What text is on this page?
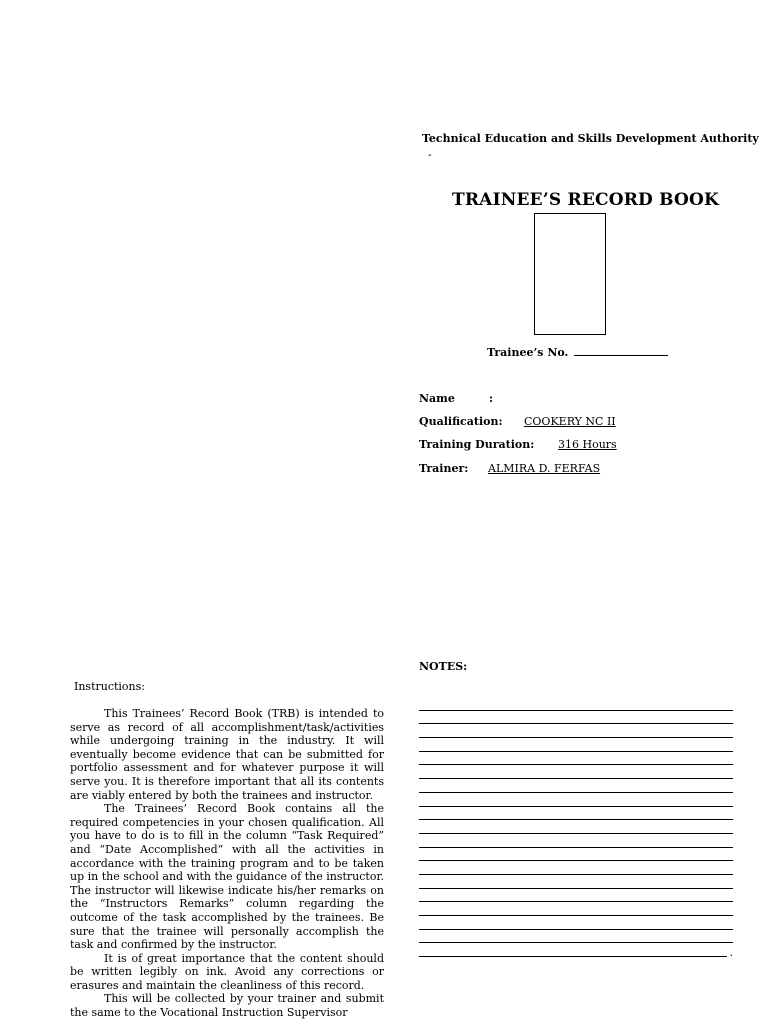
Technical Education and Skills Development Authority
-
TRAINEE’S RECORD BOOK
Trainee’s No.
Name	:
Qualification: COOKERY NC II
Training Duration: 316 Hours
Trainer: ALMIRA D. FERFAS
NOTES:
.
Instructions:

This Trainees’ Record Book (TRB) is intended to serve as record of all accomplishment/task/activities while undergoing training in the industry. It will eventually become evidence that can be submitted for portfolio assessment and for whatever purpose it will serve you. It is therefore important that all its contents are viably entered by both the trainees and instructor.

The Trainees’ Record Book contains all the required competencies in your chosen qualification. All you have to do is to fill in the column “Task Required” and “Date Accomplished” with all the activities in accordance with the training program and to be taken up in the school and with the guidance of the instructor. The instructor will likewise indicate his/her remarks on the “Instructors Remarks” column regarding the outcome of the task accomplished by the trainees. Be sure that the trainee will personally accomplish the task and confirmed by the instructor.

It is of great importance that the content should be written legibly on ink. Avoid any corrections or erasures and maintain the cleanliness of this record.

This will be collected by your trainer and submit the same to the Vocational Instruction Supervisor
